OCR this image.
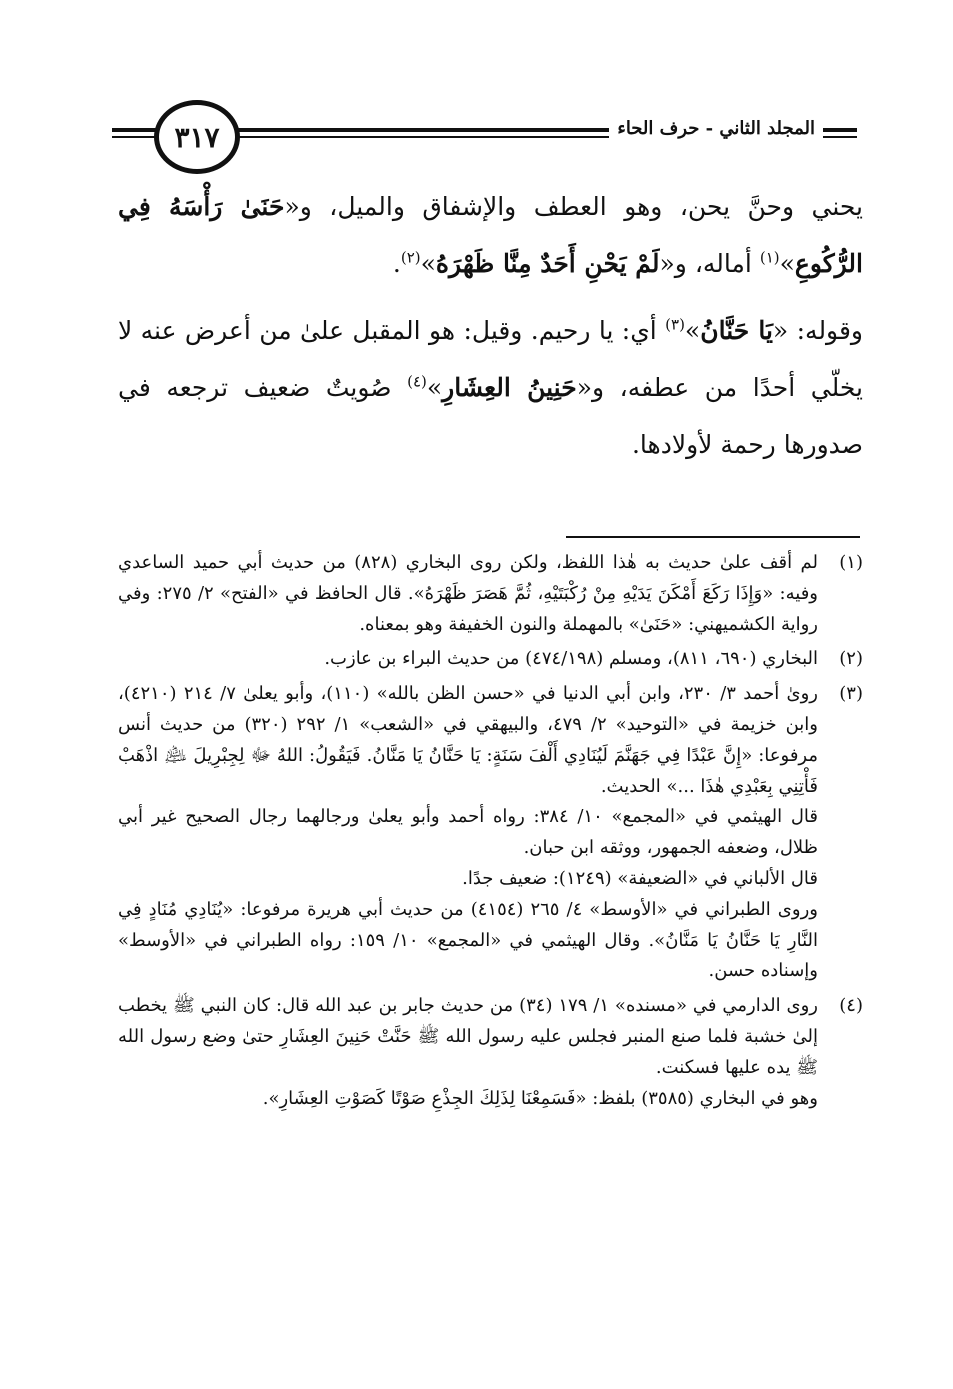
٣١٧	المجلد الثاني - حرف الحاء

يحني وحنَّ يحن، وهو العطف والإشفاق والميل، و«حَنَىٰ رَأْسَهُ فِي الرُّكُوعِ»$^{(١)}$ أماله، و«لَمْ يَحْنِ أَحَدٌ مِنَّا ظَهْرَهُ»$^{(٢)}$.

وقوله: «يَا حَنَّانُ»$^{(٣)}$ أي: يا رحيم. وقيل: هو المقبل علىٰ من أعرض عنه لا يخلّي أحدًا من عطفه، و«حَنِينُ العِشَارِ»$^{(٤)}$ صُويتٌ ضعيف ترجعه في صدورها رحمة لأولادها.

(١)

لم أقف علىٰ حديث به هٰذا اللفظ، ولكن روى البخاري (٨٢٨) من حديث أبي حميد الساعدي وفيه: «وَإِذَا رَكَعَ أَمْكَنَ يَدَيْهِ مِنْ رُكْبَتَيْهِ، ثُمَّ هَصَرَ ظَهْرَهُ». قال الحافظ في «الفتح» ٢/ ٢٧٥: وفي رواية الكشميهني: «حَنَىٰ» بالمهملة والنون الخفيفة وهو بمعناه.

(٢)

البخاري (٦٩٠، ٨١١)، ومسلم (٤٧٤/١٩٨) من حديث البراء بن عازب.

(٣)

روىٰ أحمد ٣/ ٢٣٠، وابن أبي الدنيا في «حسن الظن بالله» (١١٠)، وأبو يعلىٰ ٧/ ٢١٤ (٤٢١٠)، وابن خزيمة في «التوحيد» ٢/ ٤٧٩، والبيهقي في «الشعب» ١/ ٢٩٢ (٣٢٠) من حديث أنس مرفوعا: «إِنَّ عَبْدًا فِي جَهَنَّمَ لَيُنَادِي أَلْفَ سَنَةٍ: يَا حَنَّانُ يَا مَنَّانُ. فَيَقُولُ: اللهُ ﷻ لِجِبْرِيلَ ﵇ اذْهَبْ فَأْتِنِي بِعَبْدِي هٰذَا ...» الحديث.

قال الهيثمي في «المجمع» ١٠/ ٣٨٤: رواه أحمد وأبو يعلىٰ ورجالهما رجال الصحيح غير أبي ظلال، وضعفه الجمهور، ووثقه ابن حبان.

قال الألباني في «الضعيفة» (١٢٤٩): ضعيف جدًا.

وروى الطبراني في «الأوسط» ٤/ ٢٦٥ (٤١٥٤) من حديث أبي هريرة مرفوعا: «يُنَادِي مُنَادٍ فِي النَّارِ يَا حَنَّانُ يَا مَنَّانُ». وقال الهيثمي في «المجمع» ١٠/ ١٥٩: رواه الطبراني في «الأوسط» وإسناده حسن.

(٤)

روى الدارمي في «مسنده» ١/ ١٧٩ (٣٤) من حديث جابر بن عبد الله قال: كان النبي ﷺ يخطب إلىٰ خشبة فلما صنع المنبر فجلس عليه رسول الله ﷺ حَنَّتْ حَنِينَ العِشَارِ حتىٰ وضع رسول الله ﷺ يده عليها فسكنت.

وهو في البخاري (٣٥٨٥) بلفظ: «فَسَمِعْنَا لِذَلِكَ الجِذْعِ صَوْتًا كَصَوْتِ العِشَارِ».
